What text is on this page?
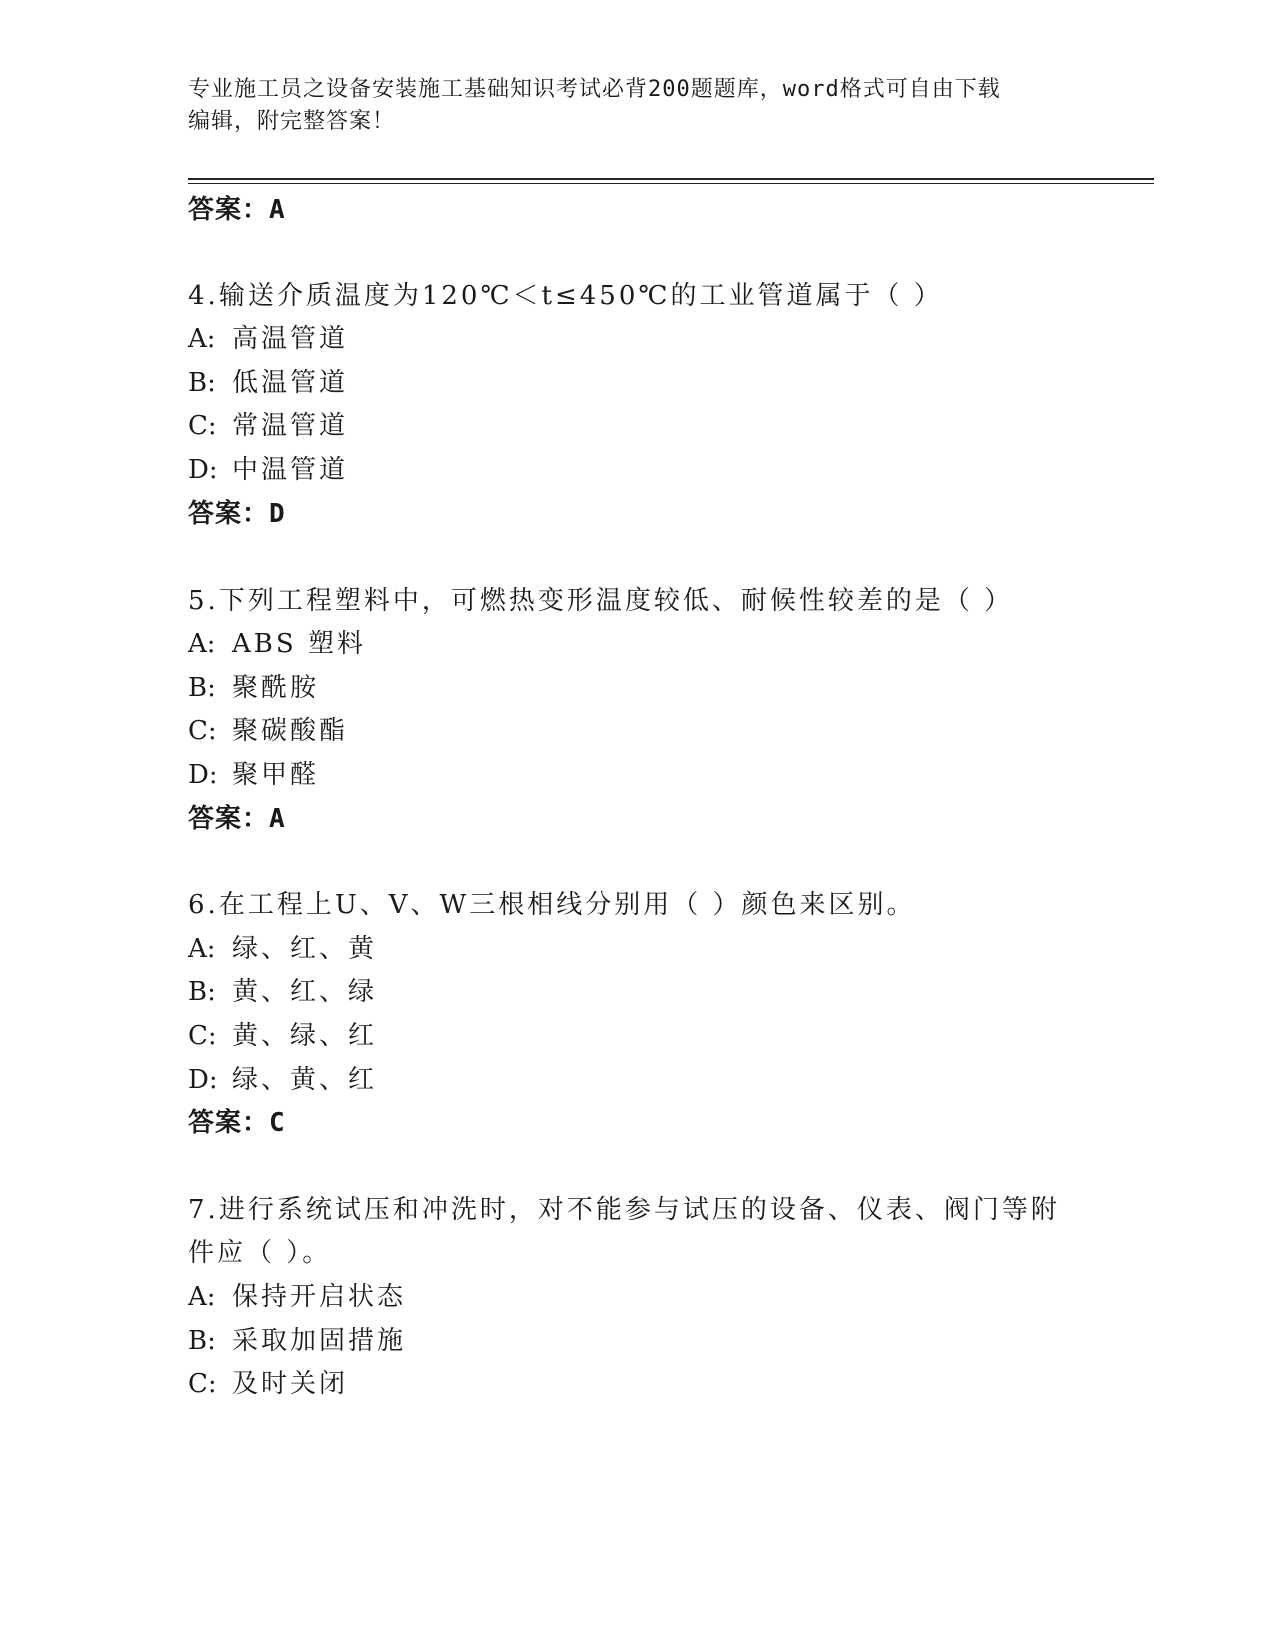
专业施工员之设备安装施工基础知识考试必背200题题库，word格式可自由下载
编辑，附完整答案！
答案：A
4.输送介质温度为120℃＜t≤450℃的工业管道属于（ ）
A: 高温管道
B: 低温管道
C: 常温管道
D: 中温管道
答案：D
5.下列工程塑料中，可燃热变形温度较低、耐候性较差的是（ ）
A: ABS 塑料
B: 聚酰胺
C: 聚碳酸酯
D: 聚甲醛
答案：A
6.在工程上U、V、W三根相线分别用（ ）颜色来区别。
A: 绿、红、黄
B: 黄、红、绿
C: 黄、绿、红
D: 绿、黄、红
答案：C
7.进行系统试压和冲洗时，对不能参与试压的设备、仪表、阀门等附
件应（ ）。
A: 保持开启状态
B: 采取加固措施
C: 及时关闭
